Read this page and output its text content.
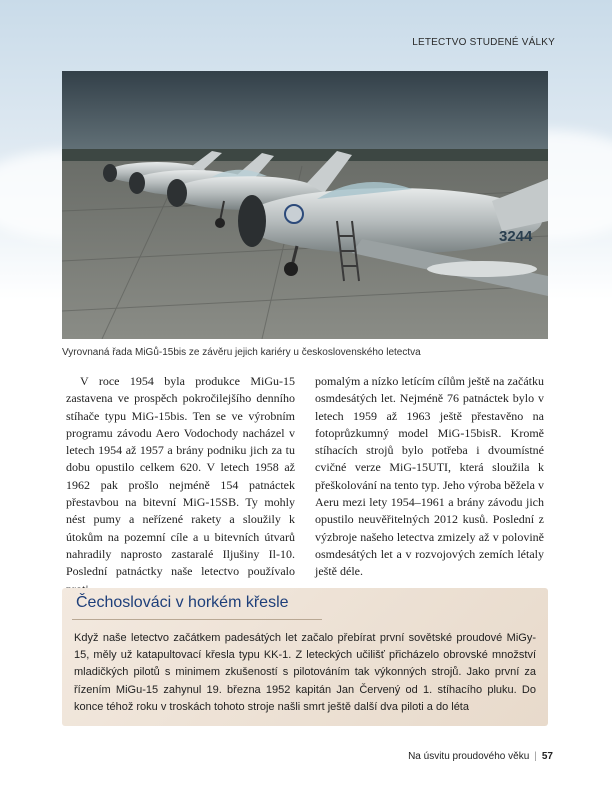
LETECTVO STUDENÉ VÁLKY
3244
Vyrovnaná řada MiGů-15bis ze závěru jejich kariéry u československého letectva

V roce 1954 byla produkce MiGu-15 zastavena ve prospěch pokročilejšího denního stíhače typu MiG-15bis. Ten se ve výrobním programu závodu Aero Vodochody nacházel v letech 1954 až 1957 a brány podniku jich za tu dobu opustilo celkem 620. V letech 1958 až 1962 pak prošlo nejméně 154 patnáctek přestavbou na bitevní MiG-15SB. Ty mohly nést pumy a neřízené rakety a sloužily k útokům na pozemní cíle a u bitevních útvarů nahradily naprosto zastaralé Iljušiny Il-10. Poslední patnáctky naše letectvo používalo

pomalým a nízko letícím cílům ještě na začátku osmdesátých let. Nejméně 76 patnáctek bylo v letech 1959 až 1963 ještě přestavěno na fotoprůzkumný model MiG-15bisR. Kromě stíhacích strojů bylo potřeba i dvoumístné cvičné verze MiG-15UTI, která sloužila k přeškolování na tento typ. Jeho výroba běžela v Aeru mezi lety 1954–1961 a brány závodu jich opustilo neuvěřitelných 2012 kusů. Poslední z výzbroje našeho letectva zmizely až v polovině osmdesátých let a v rozvojových zemích létaly ještě déle.

Čechoslováci v horkém křesle
Když naše letectvo začátkem padesátých let začalo přebírat první sovětské proudové MiGy-15, měly už katapultovací křesla typu KK-1. Z leteckých učilišť přicházelo obrovské množství mladičkých pilotů s minimem zkušeností s pilotováním tak výkonných strojů. Jako první za řízením MiGu-15 zahynul 19. března 1952 kapitán Jan Červený od 1. stíhacího pluku. Do konce téhož roku v troskách tohoto stroje našli smrt ještě další dva piloti a do léta
Na úsvitu proudového věku | 57
